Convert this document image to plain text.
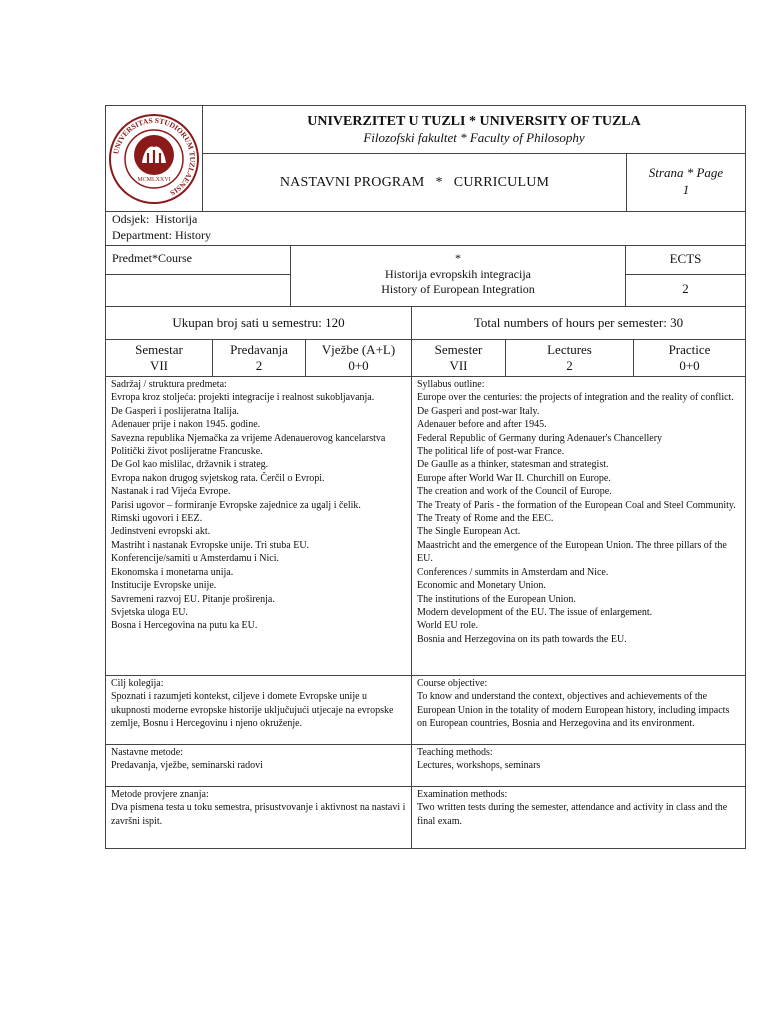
UNIVERSITAS STUDIORUM TUZLAENSIS
MCMLXXVI
UNIVERZITET U TUZLI * UNIVERSITY OF TUZLA
Filozofski fakultet * Faculty of Philosophy
NASTAVNI PROGRAM   *   CURRICULUM
Strana * Page
1
Odsjek:  Historija
Department: History
Predmet*Course	*
Historija evropskih integracija
History of European Integration
ECTS
2
Ukupan broj sati u semestru: 120	Total numbers of hours per semester: 30
Semestar
VII
Predavanja
2
Vježbe (A+L)
0+0
Semester
VII
Lectures
2
Practice
0+0
Sadržaj / struktura predmeta:
Evropa kroz stoljeća: projekti integracije i realnost sukobljavanja.
De Gasperi i poslijeratna Italija.
Adenauer prije i nakon 1945. godine.
Savezna republika Njemačka za vrijeme Adenauerovog kancelarstva
Politički život poslijeratne Francuske.
De Gol kao mislilac, državnik i strateg.
Evropa nakon drugog svjetskog rata. Čerčil o Evropi.
Nastanak i rad Vijeća Evrope.
Parisi ugovor – formiranje Evropske zajednice za ugalj i čelik.
Rimski ugovori i EEZ.
Jedinstveni evropski akt.
Mastriht i nastanak Evropske unije. Tri stuba EU.
Konferencije/samiti u Amsterdamu i Nici.
Ekonomska i monetarna unija.
Institucije Evropske unije.
Savremeni razvoj EU. Pitanje proširenja.
Svjetska uloga EU.
Bosna i Hercegovina na putu ka EU.
Syllabus outline:
Europe over the centuries: the projects of integration and the reality of conflict.
De Gasperi and post-war Italy.
Adenauer before and after 1945.
Federal Republic of Germany during Adenauer's Chancellery
The political life of post-war France.
De Gaulle as a thinker, statesman and strategist.
Europe after World War II. Churchill on Europe.
The creation and work of the Council of Europe.
The Treaty of Paris - the formation of the European Coal and Steel Community.
The Treaty of Rome and the EEC.
The Single European Act.
Maastricht and the emergence of the European Union. The three pillars of the EU.
Conferences / summits in Amsterdam and Nice.
Economic and Monetary Union.
The institutions of the European Union.
Modern development of the EU. The issue of enlargement.
World EU role.
Bosnia and Herzegovina on its path towards the EU.
Cilj kolegija:
Spoznati i razumjeti kontekst, ciljeve i domete Evropske unije u ukupnosti moderne evropske historije uključujući utjecaje na evropske zemlje, Bosnu i Hercegovinu i njeno okruženje.
Course objective:
To know and understand the context, objectives and achievements of the European Union in the totality of modern European history, including impacts on European countries, Bosnia and Herzegovina and its environment.
Nastavne metode:
Predavanja, vježbe, seminarski radovi
Teaching methods:
Lectures, workshops, seminars
Metode provjere znanja:
Dva pismena testa u toku semestra, prisustvovanje i aktivnost na nastavi i završni ispit.
Examination methods:
Two written tests during the semester, attendance and activity in class and the final exam.
